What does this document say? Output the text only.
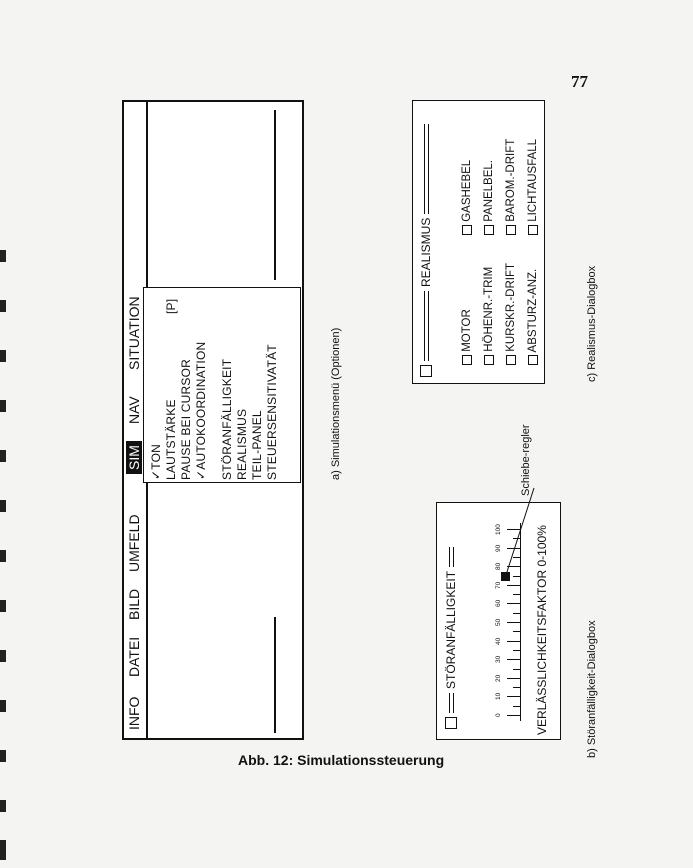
77
INFO
DATEI
BILD
UMFELD
SIM
NAV
SITUATION
✓TON LAUTSTÄRKE
[P]
PAUSE BEI CURSOR ✓AUTOKOORDINATION STÖRANFÄLLIGKEIT REALISMUS TEIL-PANEL STEUERSENSITIVATÄT	a) Simulationsmenü (Optionen)
STÖRANFÄLLIGKEIT
0
10
20
30
40
50
60
70
80
90
100	VERLÄSSLICHKEITSFAKTOR 0-100%
Schiebe-regler
b) Störanfälligkeit-Dialogbox
REALISMUS
MOTOR HÖHENR.-TRIM KURSKR.-DRIFT ABSTURZ-ANZ.
GASHEBEL PANELBEL. BAROM.-DRIFT LICHTAUSFALL
c) Realismus-Dialogbox
Abb. 12: Simulationssteuerung
